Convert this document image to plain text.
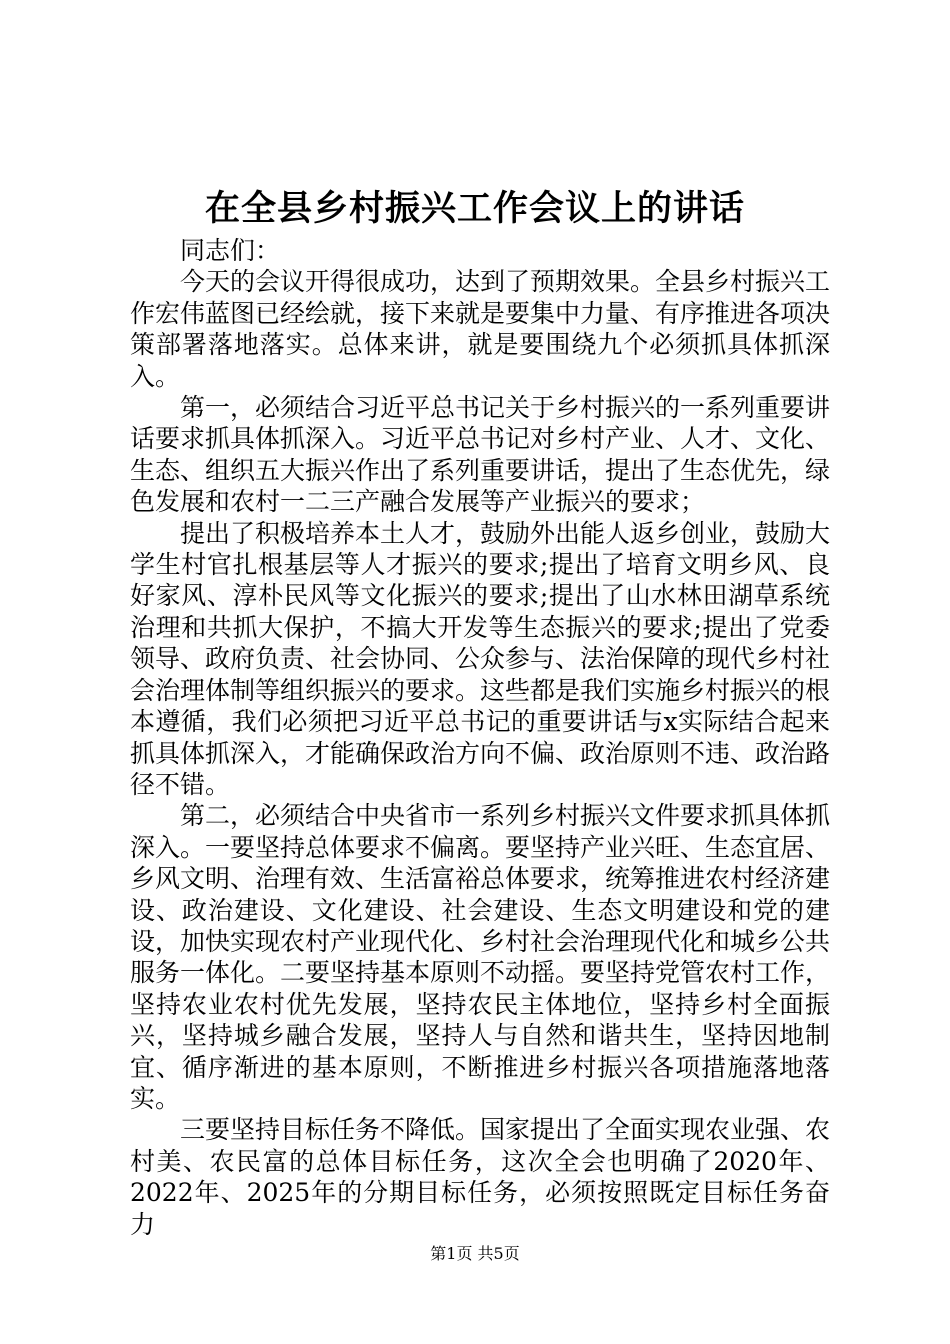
在全县乡村振兴工作会议上的讲话

同志们：

今天的会议开得很成功，达到了预期效果。全县乡村振兴工作宏伟蓝图已经绘就，接下来就是要集中力量、有序推进各项决策部署落地落实。总体来讲，就是要围绕九个必须抓具体抓深入。

第一，必须结合习近平总书记关于乡村振兴的一系列重要讲话要求抓具体抓深入。习近平总书记对乡村产业、人才、文化、生态、组织五大振兴作出了系列重要讲话，提出了生态优先，绿色发展和农村一二三产融合发展等产业振兴的要求；

提出了积极培养本土人才，鼓励外出能人返乡创业，鼓励大学生村官扎根基层等人才振兴的要求;提出了培育文明乡风、良好家风、淳朴民风等文化振兴的要求;提出了山水林田湖草系统治理和共抓大保护，不搞大开发等生态振兴的要求;提出了党委领导、政府负责、社会协同、公众参与、法治保障的现代乡村社会治理体制等组织振兴的要求。这些都是我们实施乡村振兴的根本遵循，我们必须把习近平总书记的重要讲话与x实际结合起来抓具体抓深入，才能确保政治方向不偏、政治原则不违、政治路径不错。

第二，必须结合中央省市一系列乡村振兴文件要求抓具体抓深入。一要坚持总体要求不偏离。要坚持产业兴旺、生态宜居、乡风文明、治理有效、生活富裕总体要求，统筹推进农村经济建设、政治建设、文化建设、社会建设、生态文明建设和党的建设，加快实现农村产业现代化、乡村社会治理现代化和城乡公共服务一体化。二要坚持基本原则不动摇。要坚持党管农村工作，坚持农业农村优先发展，坚持农民主体地位，坚持乡村全面振兴，坚持城乡融合发展，坚持人与自然和谐共生，坚持因地制宜、循序渐进的基本原则，不断推进乡村振兴各项措施落地落实。

三要坚持目标任务不降低。国家提出了全面实现农业强、农村美、农民富的总体目标任务，这次全会也明确了2020年、2022年、2025年的分期目标任务，必须按照既定目标任务奋力

第1页 共5页
